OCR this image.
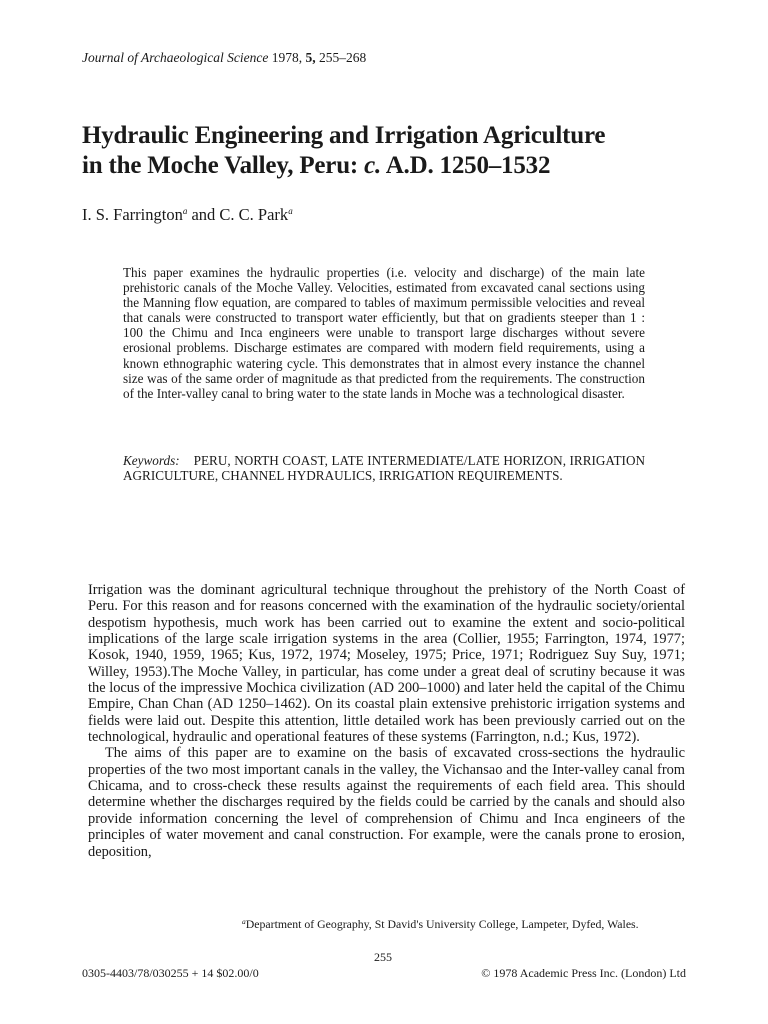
Journal of Archaeological Science 1978, 5, 255–268
Hydraulic Engineering and Irrigation Agriculture
in the Moche Valley, Peru: c. A.D. 1250–1532
I. S. Farrington$^a$ and C. C. Park$^a$

This paper examines the hydraulic properties (i.e. velocity and discharge) of the main late prehistoric canals of the Moche Valley. Velocities, estimated from excavated canal sections using the Manning flow equation, are compared to tables of maximum permissible velocities and reveal that canals were constructed to transport water efficiently, but that on gradients steeper than 1 : 100 the Chimu and Inca engineers were unable to transport large discharges without severe erosional problems. Discharge estimates are compared with modern field requirements, using a known ethnographic watering cycle. This demonstrates that in almost every instance the channel size was of the same order of magnitude as that predicted from the requirements. The construction of the Inter-valley canal to bring water to the state lands in Moche was a technological disaster.

Keywords: PERU, NORTH COAST, LATE INTERMEDIATE/LATE HORIZON, IRRIGATION AGRICULTURE, CHANNEL HYDRAULICS, IRRIGATION REQUIREMENTS.

Irrigation was the dominant agricultural technique throughout the prehistory of the North Coast of Peru. For this reason and for reasons concerned with the examination of the hydraulic society/oriental despotism hypothesis, much work has been carried out to examine the extent and socio-political implications of the large scale irrigation systems in the area (Collier, 1955; Farrington, 1974, 1977; Kosok, 1940, 1959, 1965; Kus, 1972, 1974; Moseley, 1975; Price, 1971; Rodriguez Suy Suy, 1971; Willey, 1953).The Moche Valley, in particular, has come under a great deal of scrutiny because it was the locus of the impressive Mochica civilization (AD 200–1000) and later held the capital of the Chimu Empire, Chan Chan (AD 1250–1462). On its coastal plain extensive prehistoric irrigation systems and fields were laid out. Despite this attention, little detailed work has been previously carried out on the technological, hydraulic and operational features of these systems (Farrington, n.d.; Kus, 1972).

The aims of this paper are to examine on the basis of excavated cross-sections the hydraulic properties of the two most important canals in the valley, the Vichansao and the Inter-valley canal from Chicama, and to cross-check these results against the requirements of each field area. This should determine whether the discharges required by the fields could be carried by the canals and should also provide information concerning the level of comprehension of Chimu and Inca engineers of the principles of water movement and canal construction. For example, were the canals prone to erosion, deposition,

$^a$Department of Geography, St David's University College, Lampeter, Dyfed, Wales.

255
0305-4403/78/030255 + 14 $02.00/0	© 1978 Academic Press Inc. (London) Ltd
